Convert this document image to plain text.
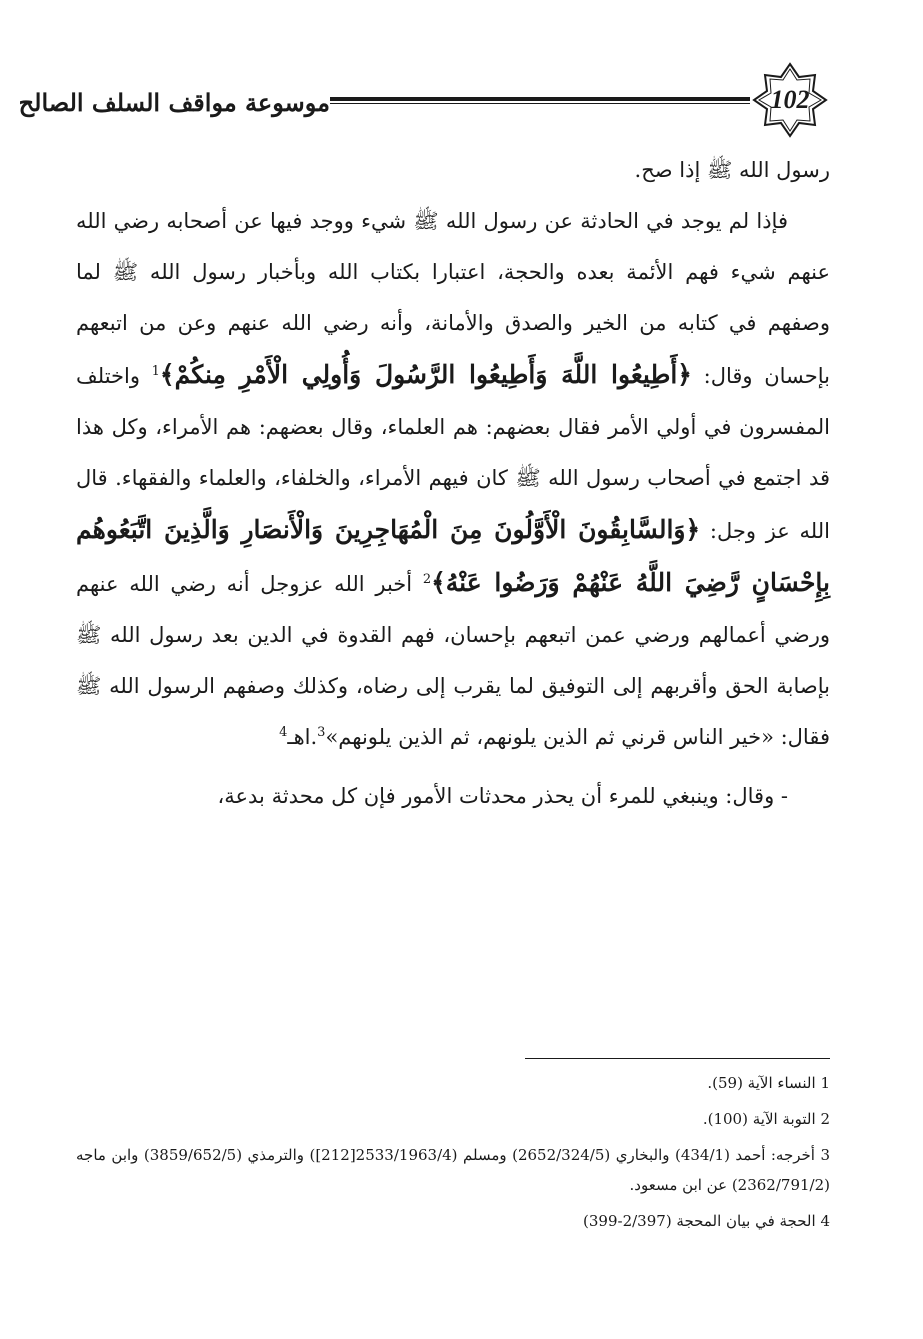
102
موسوعة مواقف السلف الصالح

رسول الله ﷺ إذا صح.

فإذا لم يوجد في الحادثة عن رسول الله ﷺ شيء ووجد فيها عن أصحابه رضي الله عنهم شيء فهم الأئمة بعده والحجة، اعتبارا بكتاب الله وبأخبار رسول الله ﷺ لما وصفهم في كتابه من الخير والصدق والأمانة، وأنه رضي الله عنهم وعن من اتبعهم بإحسان وقال: ﴿أَطِيعُوا اللَّهَ وَأَطِيعُوا الرَّسُولَ وَأُولِي الْأَمْرِ مِنكُمْ﴾$^1$ واختلف المفسرون في أولي الأمر فقال بعضهم: هم العلماء، وقال بعضهم: هم الأمراء، وكل هذا قد اجتمع في أصحاب رسول الله ﷺ كان فيهم الأمراء، والخلفاء، والعلماء والفقهاء. قال الله عز وجل: ﴿وَالسَّابِقُونَ الْأَوَّلُونَ مِنَ الْمُهَاجِرِينَ وَالْأَنصَارِ وَالَّذِينَ اتَّبَعُوهُم بِإِحْسَانٍ رَّضِيَ اللَّهُ عَنْهُمْ وَرَضُوا عَنْهُ﴾$^2$ أخبر الله عزوجل أنه رضي الله عنهم ورضي أعمالهم ورضي عمن اتبعهم بإحسان، فهم القدوة في الدين بعد رسول الله ﷺ بإصابة الحق وأقربهم إلى التوفيق لما يقرب إلى رضاه، وكذلك وصفهم الرسول الله ﷺ فقال: «خير الناس قرني ثم الذين يلونهم، ثم الذين يلونهم»$^3$.اهـ$^4$

- وقال: وينبغي للمرء أن يحذر محدثات الأمور فإن كل محدثة بدعة،

1 النساء الآية (59).

2 التوبة الآية (100).

3 أخرجه: أحمد (434/1) والبخاري (2652/324/5) ومسلم (2533/1963/4[212]) والترمذي (3859/652/5) وابن ماجه (2362/791/2) عن ابن مسعود.

4 الحجة في بيان المحجة (2/397-399)
